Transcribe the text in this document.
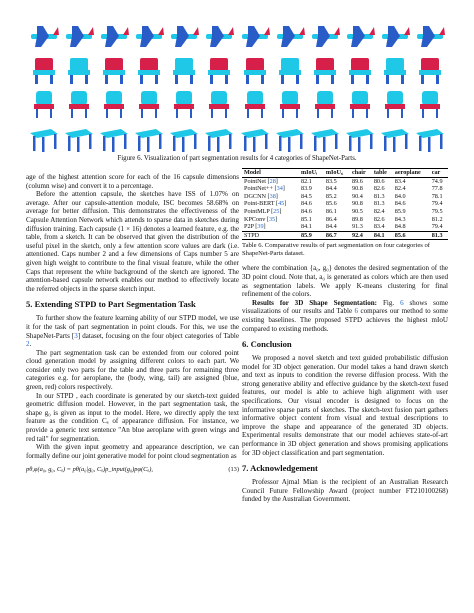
Figure 6. Visualization of part segmentation results for 4 categories of ShapeNet-Parts.

age of the highest attention score for each of the 16 capsule dimensions (column wise) and convert it to a percentage.

Before the attention capsule, the sketches have ISS of 1.07% on average. After our capsule-attention module, ISC becomes 58.68% on average for better diffusion. This demonstrates the effectiveness of the Capsule Attention Network which attends to sparse data in sketches during diffusion training. Each capsule (1 × 16) denotes a learned feature, e.g. the table, from a sketch. It can be observed that given the distribution of the useful pixel in the sketch, only a few attention score values are dark (i.e. attentioned. Caps number 2 and a few dimensions of Caps number 5 are given high weight to contribute to the final visual feature, while the other Caps that represent the white background of the sketch are ignored. The attention-based capsule network enables our method to effectively locate the referred objects in the sparse sketch input.

5. Extending STPD to Part Segmentation Task

To further show the feature learning ability of our STPD model, we use it for the task of part segmentation in point clouds. For this, we use the ShapeNet-Parts [3] dataset, focusing on the four object categories of Table 2.

The part segmentation task can be extended from our colored point cloud generation model by assigning different colors to each part. We consider only two parts for the table and three parts for remaining three categories e.g. for aeroplane, the (body, wing, tail) are assigned (blue, green, red) colors respectively.

In our STPD , each coordinate is generated by our sketch-text guided geometric diffusion model. However, in the part segmentation task, the shape g₀ is given as input to the model. Here, we directly apply the text feature as the condition Cₐ of appearance diffusion. For instance, we provide a generic text sentence "An blue aeroplane with green wings and red tail" for segmentation.

With the given input geometry and appearance description, we can formally define our joint generative model for point cloud segmentation as

pθ,φ(a₀, g₀, Cₐ) = pθ(a₀|g₀, Cₐ)p_input(g₀)pφ(Cₐ),	(13)
Model	mIoUᵢ	mIoU꜀	chair	table	aeroplane	car
PointNet [28]	82.1	83.5	89.6	80.6	83.4	74.9
PointNet++ [34]	83.9	84.4	90.8	82.6	82.4	77.8
DGCNN [38]	84.5	85.2	90.4	81.3	84.0	78.1
Point-BERT [45]	84.6	85.6	90.8	81.3	84.6	79.4
PointMLP [25]	84.6	86.1	90.5	82.4	85.9	79.5
KPConv [35]	85.1	86.4	89.8	82.6	84.3	81.2
P2P [39]	84.1	84.4	91.3	83.4	84.8	79.4
STPD	85.9	86.7	92.4	84.1	85.6	81.3
Table 6. Comparative results of part segmentation on four categories of ShapeNet-Parts dataset.

where the combination {a₀, g₀} denotes the desired segmentation of the 3D point cloud. Note that, a₀ is generated as colors which are then used as segmentation labels. We apply K-means clustering for final refinement of the colors.

Results for 3D Shape Segmentation: Fig. 6 shows some visualizations of our results and Table 6 compares our method to some existing baselines. The proposed STPD achieves the highest mIoU compared to existing methods.

6. Conclusion

We proposed a novel sketch and text guided probabilistic diffusion model for 3D object generation. Our model takes a hand drawn sketch and text as inputs to condition the reverse diffusion process. With the strong generative ability and effective guidance by the sketch-text fused features, our model is able to achieve high alignment with user specifications. Our visual encoder is designed to focus on the informative sparse parts of sketches. The sketch-text fusion part gathers informative object content from visual and textual descriptions to improve the shape and appearance of the generated 3D objects. Experimental results demonstrate that our model achieves state-of-art performance in 3D object generation and shows promising applications for 3D object classification and part segmentation.

7. Acknowledgement

Professor Ajmal Mian is the recipient of an Australian Research Council Future Fellowship Award (project number FT210100268) funded by the Australian Government.
